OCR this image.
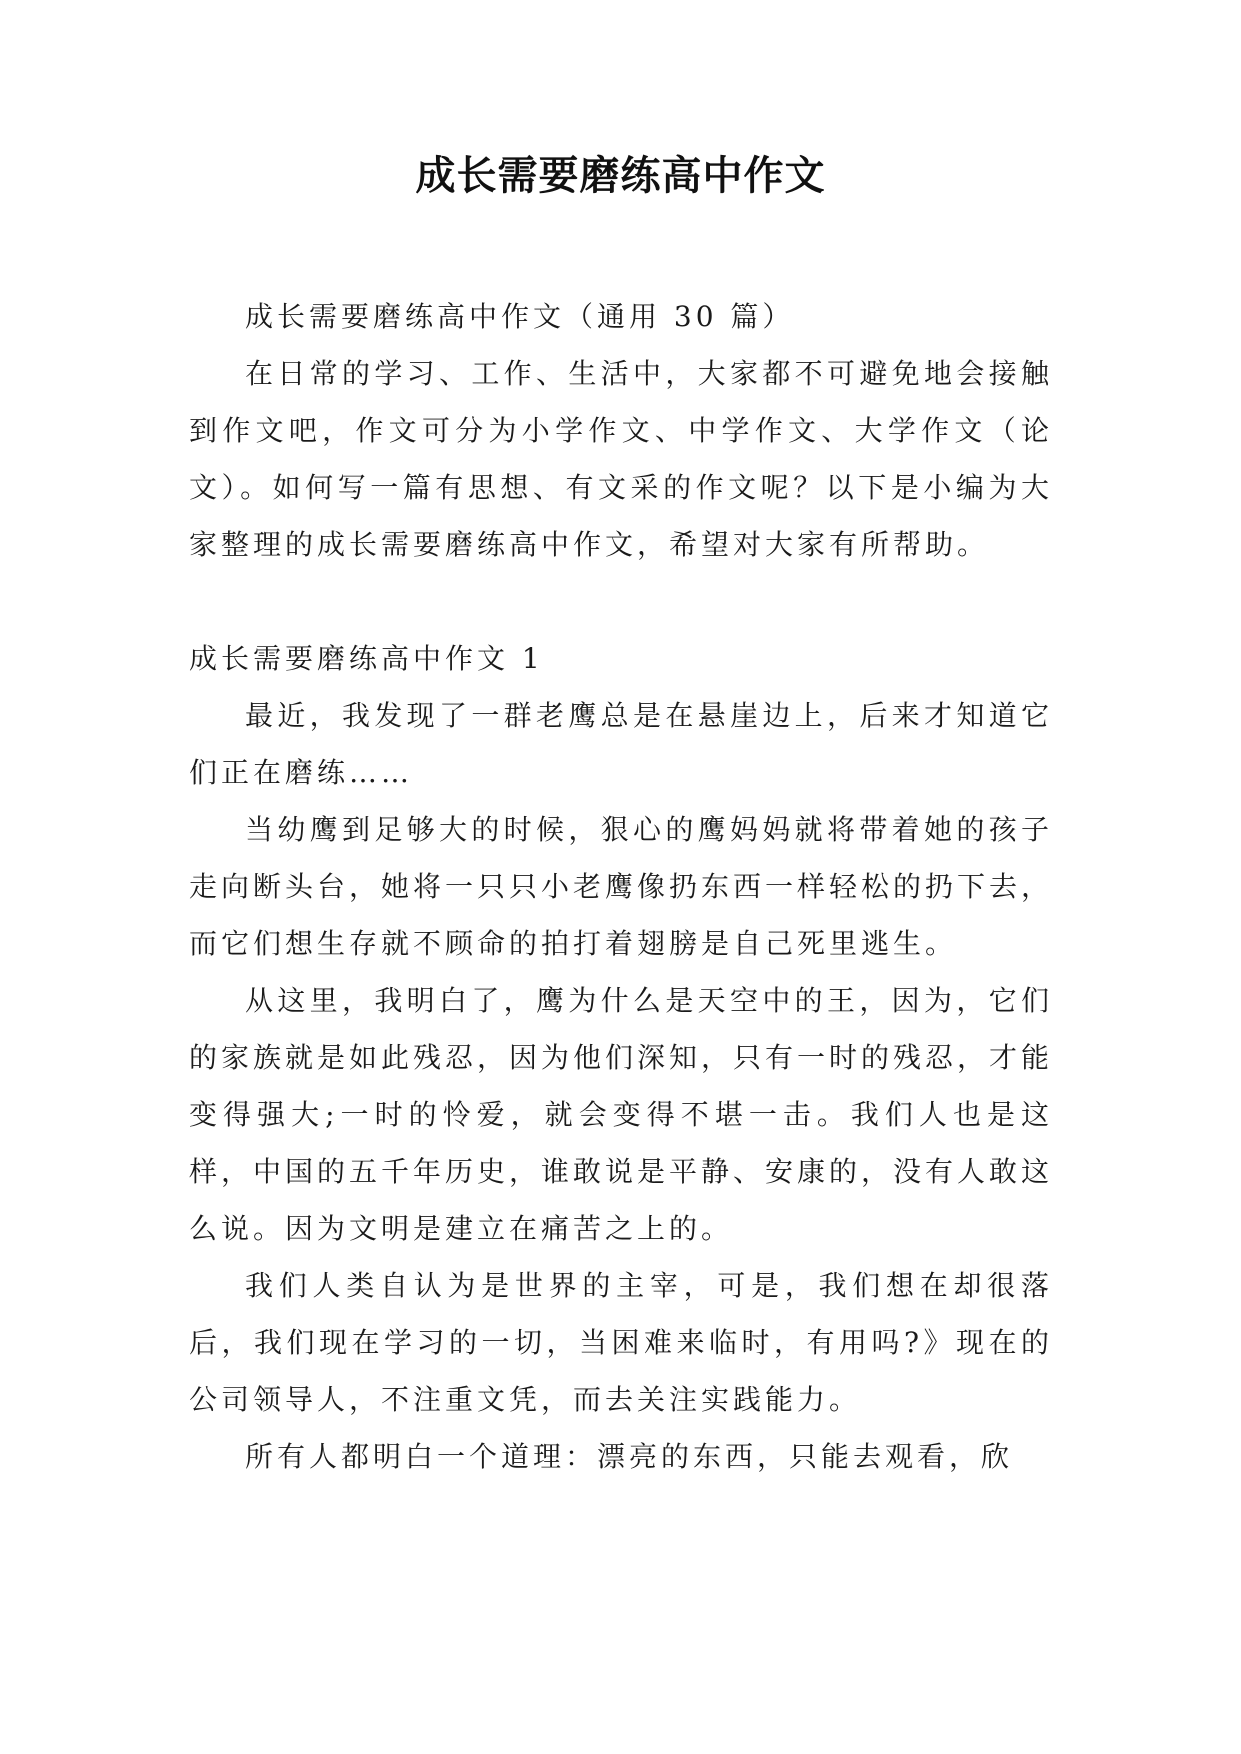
成长需要磨练高中作文

成长需要磨练高中作文（通用 30 篇）

在日常的学习、工作、生活中，大家都不可避免地会接触到作文吧，作文可分为小学作文、中学作文、大学作文（论文）。如何写一篇有思想、有文采的作文呢？以下是小编为大家整理的成长需要磨练高中作文，希望对大家有所帮助。

成长需要磨练高中作文 1

最近，我发现了一群老鹰总是在悬崖边上，后来才知道它们正在磨练……

当幼鹰到足够大的时候，狠心的鹰妈妈就将带着她的孩子走向断头台，她将一只只小老鹰像扔东西一样轻松的扔下去，而它们想生存就不顾命的拍打着翅膀是自己死里逃生。

从这里，我明白了，鹰为什么是天空中的王，因为，它们的家族就是如此残忍，因为他们深知，只有一时的残忍，才能变得强大;一时的怜爱，就会变得不堪一击。我们人也是这样，中国的五千年历史，谁敢说是平静、安康的，没有人敢这么说。因为文明是建立在痛苦之上的。

我们人类自认为是世界的主宰，可是，我们想在却很落后，我们现在学习的一切，当困难来临时，有用吗?》现在的公司领导人，不注重文凭，而去关注实践能力。

所有人都明白一个道理：漂亮的东西，只能去观看，欣
